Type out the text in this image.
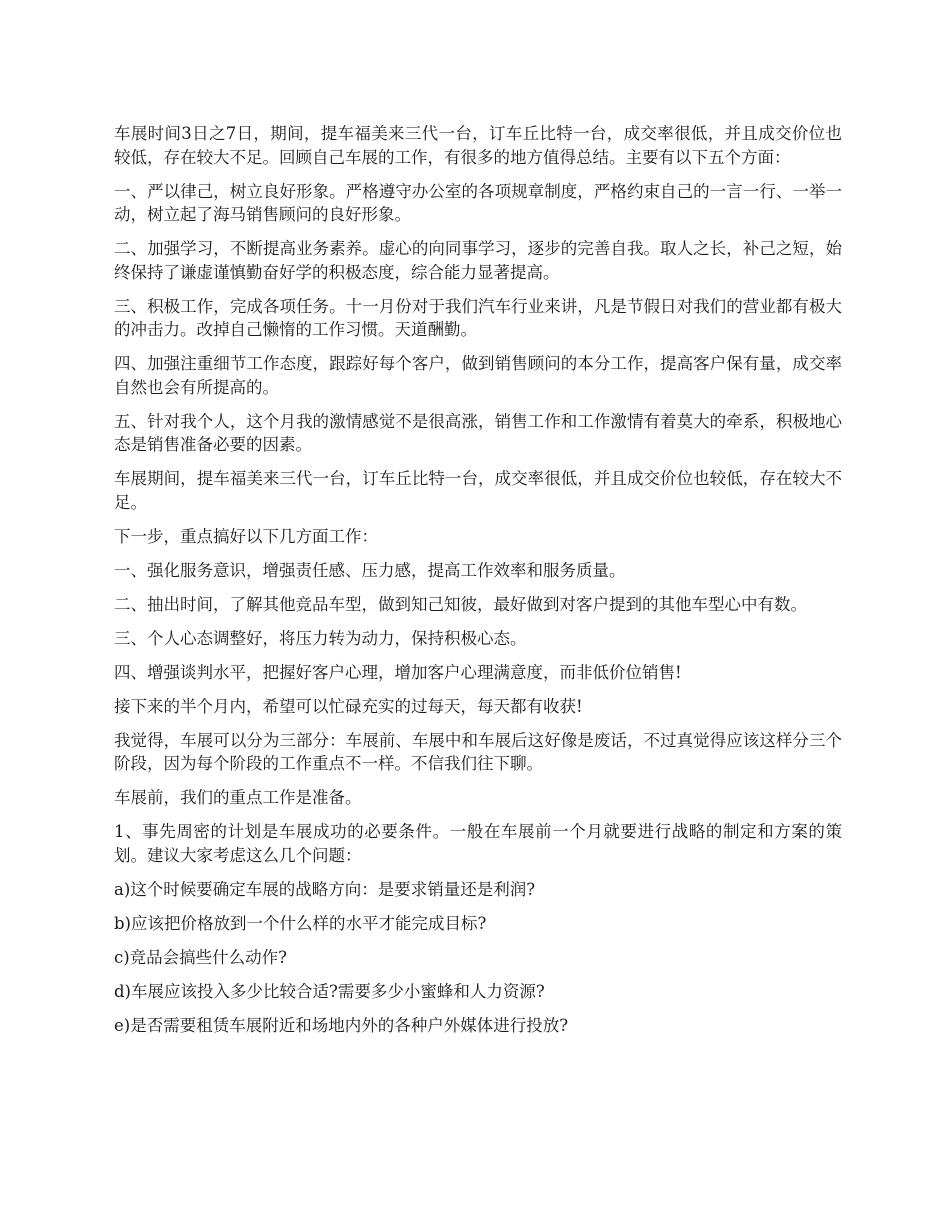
车展时间3日之7日，期间，提车福美来三代一台，订车丘比特一台，成交率很低，并且成交价位也较低，存在较大不足。回顾自己车展的工作，有很多的地方值得总结。主要有以下五个方面：

一、严以律己，树立良好形象。严格遵守办公室的各项规章制度，严格约束自己的一言一行、一举一动，树立起了海马销售顾问的良好形象。

二、加强学习，不断提高业务素养。虚心的向同事学习，逐步的完善自我。取人之长，补己之短，始终保持了谦虚谨慎勤奋好学的积极态度，综合能力显著提高。

三、积极工作，完成各项任务。十一月份对于我们汽车行业来讲，凡是节假日对我们的营业都有极大的冲击力。改掉自己懒惰的工作习惯。天道酬勤。

四、加强注重细节工作态度，跟踪好每个客户，做到销售顾问的本分工作，提高客户保有量，成交率自然也会有所提高的。

五、针对我个人，这个月我的激情感觉不是很高涨，销售工作和工作激情有着莫大的牵系，积极地心态是销售准备必要的因素。

车展期间，提车福美来三代一台，订车丘比特一台，成交率很低，并且成交价位也较低，存在较大不足。

下一步，重点搞好以下几方面工作：

一、强化服务意识，增强责任感、压力感，提高工作效率和服务质量。

二、抽出时间，了解其他竞品车型，做到知己知彼，最好做到对客户提到的其他车型心中有数。

三、个人心态调整好，将压力转为动力，保持积极心态。

四、增强谈判水平，把握好客户心理，增加客户心理满意度，而非低价位销售!

接下来的半个月内，希望可以忙碌充实的过每天，每天都有收获!

我觉得，车展可以分为三部分：车展前、车展中和车展后这好像是废话，不过真觉得应该这样分三个阶段，因为每个阶段的工作重点不一样。不信我们往下聊。

车展前，我们的重点工作是准备。

1、事先周密的计划是车展成功的必要条件。一般在车展前一个月就要进行战略的制定和方案的策划。建议大家考虑这么几个问题：

a)这个时候要确定车展的战略方向：是要求销量还是利润?

b)应该把价格放到一个什么样的水平才能完成目标?

c)竞品会搞些什么动作?

d)车展应该投入多少比较合适?需要多少小蜜蜂和人力资源?

e)是否需要租赁车展附近和场地内外的各种户外媒体进行投放?
